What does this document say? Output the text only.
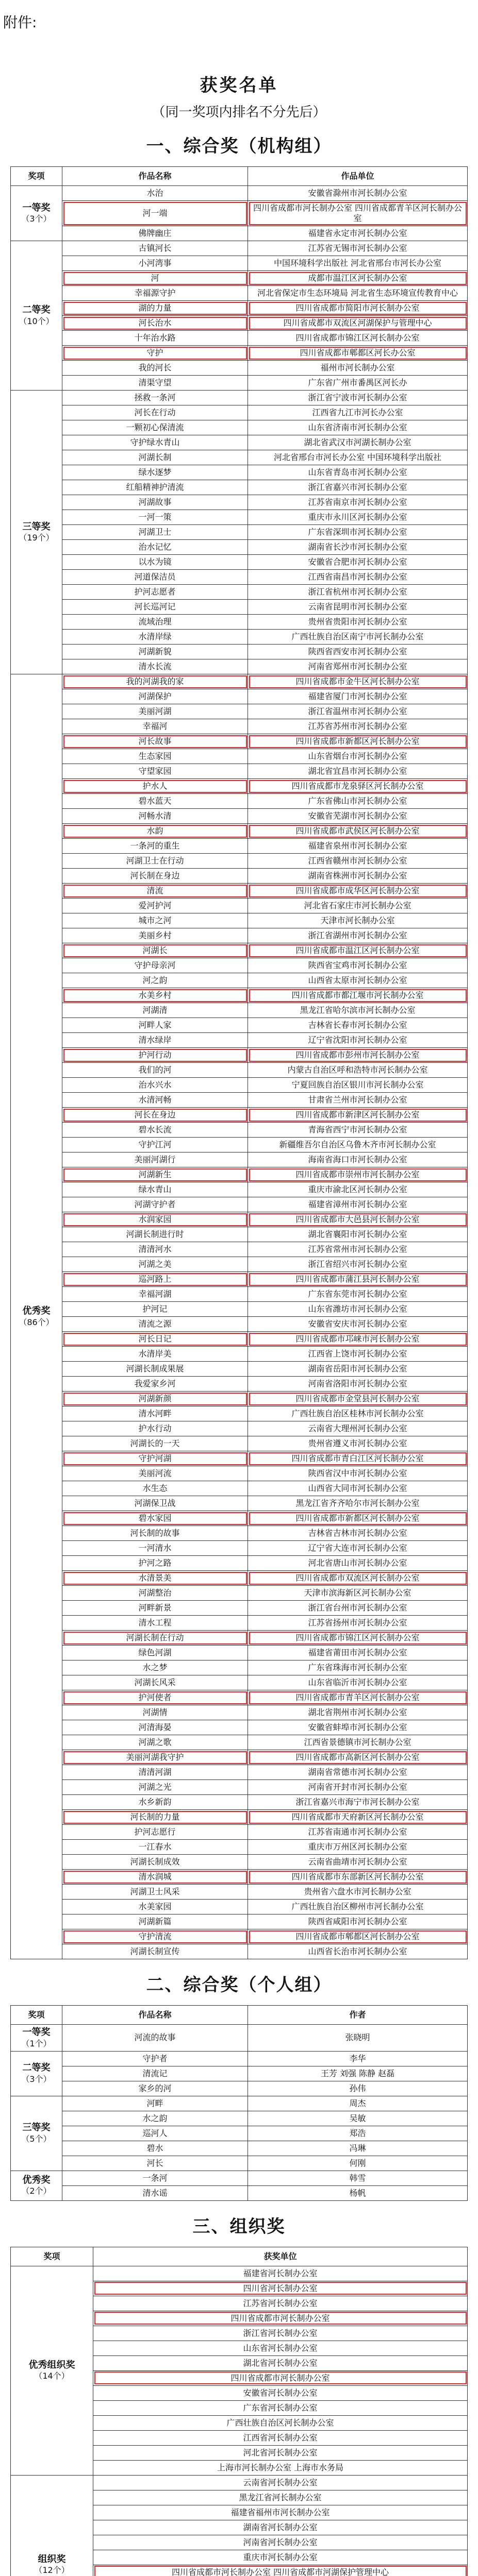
附件:
获奖名单
（同一奖项内排名不分先后）
一、综合奖（机构组）
奖项	作品名称	作品单位
一等奖
（3个）	水治	安徽省滁州市河长制办公室
	河一端	四川省成都市河长制办公室 四川省成都青羊区河长制办公室
	佛牌幽庄	福建省永定市河长制办公室
二等奖
（10个）	古镇河长	江苏省无锡市河长制办公室
	小河湾事	中国环境科学出版社 河北省邢台市河长办公室
	河	成都市温江区河长制办公室
	幸福源守护	河北省保定市生态环境局 河北省生态环境宣传教育中心
	湖的力量	四川省成都市简阳市河长制办公室
	河长治水	四川省成都市双流区河湖保护与管理中心
	十年治水路	四川省成都市锦江区河长制办公室
	守护	四川省成都市郫都区河长办公室
	我的河长	福州市河长制办公室
	清渠守望	广东省广州市番禺区河长办
三等奖
（19个）	拯救一条河	浙江省宁波市河长制办公室
	河长在行动	江西省九江市河长办公室
	一颗初心保清流	山东省济南市河长制办公室
	守护绿水青山	湖北省武汉市河湖长制办公室
	河湖长制	河北省邢台市河长办公室 中国环境科学出版社
	绿水逐梦	山东省青岛市河长制办公室
	红船精神护清流	浙江省嘉兴市河长制办公室
	河湖故事	江苏省南京市河长制办公室
	一河一策	重庆市永川区河长制办公室
	河湖卫士	广东省深圳市河长制办公室
	治水记忆	湖南省长沙市河长制办公室
	以水为镜	安徽省合肥市河长制办公室
	河道保洁员	江西省南昌市河长制办公室
	护河志愿者	浙江省杭州市河长制办公室
	河长巡河记	云南省昆明市河长制办公室
	流域治理	贵州省贵阳市河长制办公室
	水清岸绿	广西壮族自治区南宁市河长制办公室
	河湖新貌	陕西省西安市河长制办公室
	清水长流	河南省郑州市河长制办公室
优秀奖
（86个）	我的河湖我的家	四川省成都市金牛区河长制办公室
	河湖保护	福建省厦门市河长制办公室
	美丽河湖	浙江省温州市河长制办公室
	幸福河	江苏省苏州市河长制办公室
	河长故事	四川省成都市新都区河长制办公室
	生态家园	山东省烟台市河长制办公室
	守望家园	湖北省宜昌市河长制办公室
	护水人	四川省成都市龙泉驿区河长制办公室
	碧水蓝天	广东省佛山市河长制办公室
	河畅水清	安徽省芜湖市河长制办公室
	水韵	四川省成都市武侯区河长制办公室
	一条河的重生	福建省泉州市河长制办公室
	河湖卫士在行动	江西省赣州市河长制办公室
	河长制在身边	湖南省株洲市河长制办公室
	清流	四川省成都市成华区河长制办公室
	爱河护河	河北省石家庄市河长制办公室
	城市之河	天津市河长制办公室
	美丽乡村	浙江省湖州市河长制办公室
	河湖长	四川省成都市温江区河长制办公室
	守护母亲河	陕西省宝鸡市河长制办公室
	河之韵	山西省太原市河长制办公室
	水美乡村	四川省成都市都江堰市河长制办公室
	河湖清	黑龙江省哈尔滨市河长制办公室
	河畔人家	吉林省长春市河长制办公室
	清水绿岸	辽宁省沈阳市河长制办公室
	护河行动	四川省成都市彭州市河长制办公室
	我们的河	内蒙古自治区呼和浩特市河长制办公室
	治水兴水	宁夏回族自治区银川市河长制办公室
	水清河畅	甘肃省兰州市河长制办公室
	河长在身边	四川省成都市新津区河长制办公室
	碧水长流	青海省西宁市河长制办公室
	守护江河	新疆维吾尔自治区乌鲁木齐市河长制办公室
	美丽河湖行	海南省海口市河长制办公室
	河湖新生	四川省成都市崇州市河长制办公室
	绿水青山	重庆市渝北区河长制办公室
	河湖守护者	福建省漳州市河长制办公室
	水润家园	四川省成都市大邑县河长制办公室
	河湖长制进行时	湖北省襄阳市河长制办公室
	清清河水	江苏省常州市河长制办公室
	河湖之美	浙江省绍兴市河长制办公室
	巡河路上	四川省成都市蒲江县河长制办公室
	幸福河湖	广东省东莞市河长制办公室
	护河记	山东省潍坊市河长制办公室
	清流之源	安徽省安庆市河长制办公室
	河长日记	四川省成都市邛崃市河长制办公室
	水清岸美	江西省上饶市河长制办公室
	河湖长制成果展	湖南省岳阳市河长制办公室
	我爱家乡河	河南省洛阳市河长制办公室
	河湖新颜	四川省成都市金堂县河长制办公室
	清水河畔	广西壮族自治区桂林市河长制办公室
	护水行动	云南省大理州河长制办公室
	河湖长的一天	贵州省遵义市河长制办公室
	守护河湖	四川省成都市青白江区河长制办公室
	美丽河流	陕西省汉中市河长制办公室
	水生态	山西省大同市河长制办公室
	河湖保卫战	黑龙江省齐齐哈尔市河长制办公室
	碧水家园	四川省成都市新都区河长制办公室
	河长制的故事	吉林省吉林市河长制办公室
	一河清水	辽宁省大连市河长制办公室
	护河之路	河北省唐山市河长制办公室
	水清景美	四川省成都市双流区河长制办公室
	河湖整治	天津市滨海新区河长制办公室
	河畔新景	浙江省台州市河长制办公室
	清水工程	江苏省扬州市河长制办公室
	河湖长制在行动	四川省成都市锦江区河长制办公室
	绿色河湖	福建省莆田市河长制办公室
	水之梦	广东省珠海市河长制办公室
	河湖长风采	山东省临沂市河长制办公室
	护河使者	四川省成都市青羊区河长制办公室
	河湖情	湖北省荆州市河长制办公室
	河清海晏	安徽省蚌埠市河长制办公室
	河湖之歌	江西省景德镇市河长制办公室
	美丽河湖我守护	四川省成都市高新区河长制办公室
	清清河湖	湖南省常德市河长制办公室
	河湖之光	河南省开封市河长制办公室
	水乡新韵	浙江省嘉兴市海宁市河长制办公室
	河长制的力量	四川省成都市天府新区河长制办公室
	护河志愿行	江苏省南通市河长制办公室
	一江春水	重庆市万州区河长制办公室
	河湖长制成效	云南省曲靖市河长制办公室
	清水润城	四川省成都市东部新区河长制办公室
	河湖卫士风采	贵州省六盘水市河长制办公室
	水美家园	广西壮族自治区柳州市河长制办公室
	河湖新篇	陕西省咸阳市河长制办公室
	守护清流	四川省成都市郫都区河长制办公室
	河湖长制宣传	山西省长治市河长制办公室
二、综合奖（个人组）
奖项	作品名称	作者
一等奖
（1个）	河流的故事	张晓明
二等奖
（3个）	守护者	李华
	清流记	王芳 刘强 陈静 赵磊
	家乡的河	孙伟
三等奖
（5个）	河畔	周杰
	水之韵	吴敏
	巡河人	郑浩
	碧水	冯琳
	河长	何刚
优秀奖
（2个）	一条河	韩雪
	清水谣	杨帆
三、组织奖
奖项	获奖单位
优秀组织奖
（14个）	福建省河长制办公室
	四川省河长制办公室
	江苏省河长制办公室
	四川省成都市河长制办公室
	浙江省河长制办公室
	山东省河长制办公室
	湖北省河长制办公室
	四川省成都市河长制办公室
	安徽省河长制办公室
	广东省河长制办公室
	广西壮族自治区河长制办公室
	江西省河长制办公室
	河北省河长制办公室
	上海市河长制办公室 上海市水务局
组织奖
（12个）	云南省河长制办公室
	黑龙江省河长制办公室
	福建省福州市河长制办公室
	湖南省河长制办公室
	河南省河长制办公室
	重庆市河长制办公室
	四川省成都市河长制办公室 四川省成都市河湖保护管理中心
